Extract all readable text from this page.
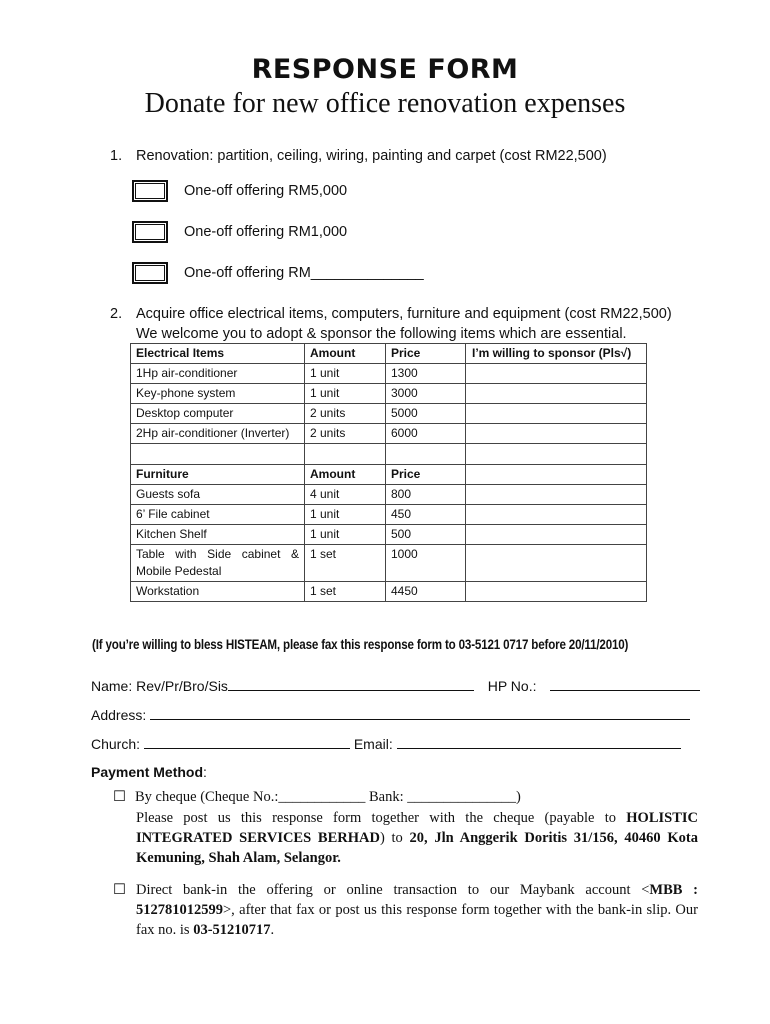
RESPONSE FORM
Donate for new office renovation expenses
1. Renovation: partition, ceiling, wiring, painting and carpet (cost RM22,500)
One-off offering RM5,000
One-off offering RM1,000
One-off offering RM______________
2. Acquire office electrical items, computers, furniture and equipment (cost RM22,500)
We welcome you to adopt & sponsor the following items which are essential.
Electrical Items	Amount	Price	I’m willing to sponsor (Pls√)
1Hp air-conditioner	1 unit	1300	
Key-phone system	1 unit	3000	
Desktop computer	2 units	5000	
2Hp air-conditioner (Inverter)	2 units	6000	

Furniture	Amount	Price	
Guests sofa	4 unit	800	
6’ File cabinet	1 unit	450	
Kitchen Shelf	1 unit	500	
Table with Side cabinet & Mobile Pedestal	1 set	1000	
Workstation	1 set	4450	
(If you’re willing to bless HISTEAM, please fax this response form to 03-5121 0717 before 20/11/2010)
Name: Rev/Pr/Bro/Sis	HP No.:
Address:
Church:	Email:
Payment Method:
☐ By cheque (Cheque No.:____________ Bank: _______________)
Please post us this response form together with the cheque (payable to HOLISTIC INTEGRATED SERVICES BERHAD) to 20, Jln Anggerik Doritis 31/156, 40460 Kota Kemuning, Shah Alam, Selangor.
☐ Direct bank-in the offering or online transaction to our Maybank account <MBB : 512781012599>, after that fax or post us this response form together with the bank-in slip. Our fax no. is 03-51210717.
